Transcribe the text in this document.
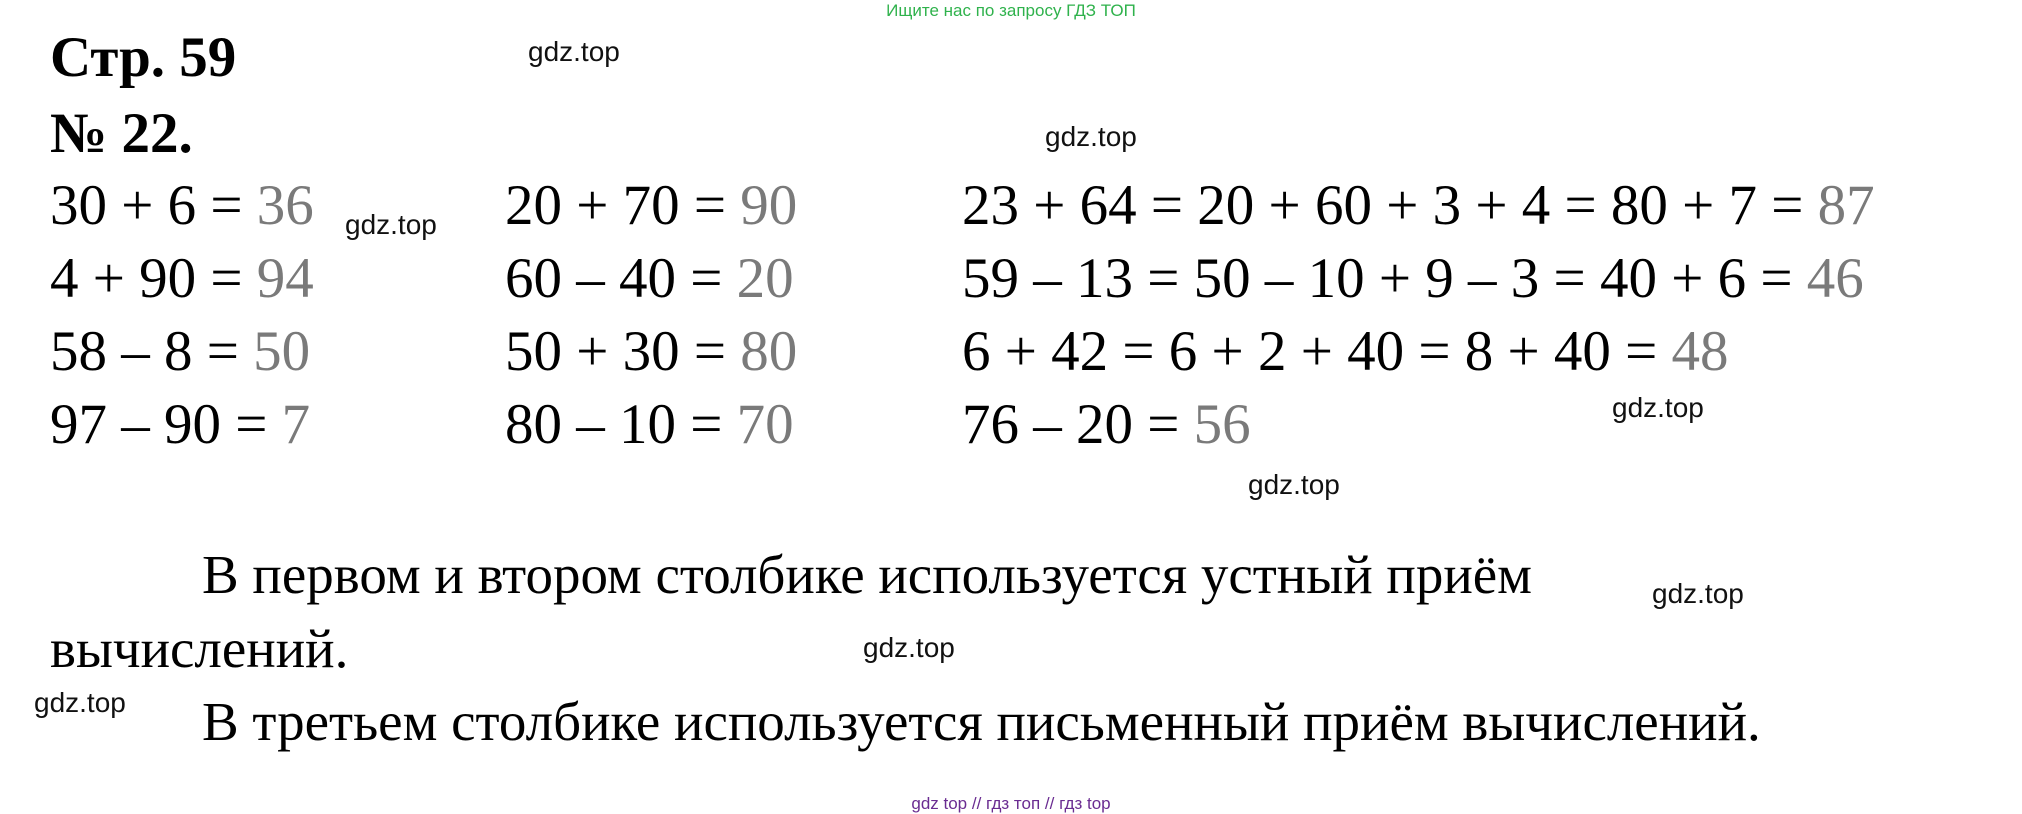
Ищите нас по запросу ГДЗ ТОП
Стр. 59
№ 22.
30 + 6 = 36
4 + 90 = 94
58 – 8 = 50
97 – 90 = 7
20 + 70 = 90
60 – 40 = 20
50 + 30 = 80
80 – 10 = 70
23 + 64 = 20 + 60 + 3 + 4 = 80 + 7 = 87
59 – 13 = 50 – 10 + 9 – 3 = 40 + 6 = 46
6 + 42 = 6 + 2 + 40 = 8 + 40 = 48
76 – 20 = 56
В первом и втором столбике используется устный приём
вычислений.
В третьем столбике используется письменный приём вычислений.
gdz.top
gdz.top
gdz.top
gdz.top
gdz.top
gdz.top
gdz.top
gdz.top
gdz top // гдз топ // гдз top
